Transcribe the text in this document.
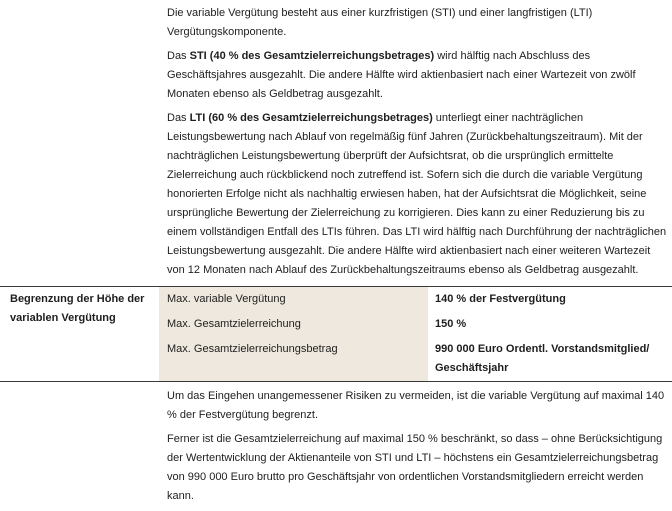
Die variable Vergütung besteht aus einer kurzfristigen (STI) und einer langfristigen (LTI) Vergütungskomponente.

Das STI (40 % des Gesamtzielerreichungsbetrages) wird hälftig nach Abschluss des Geschäftsjahres ausgezahlt. Die andere Hälfte wird aktienbasiert nach einer Wartezeit von zwölf Monaten ebenso als Geldbetrag ausgezahlt.

Das LTI (60 % des Gesamtzielerreichungsbetrages) unterliegt einer nachträglichen Leistungsbewertung nach Ablauf von regelmäßig fünf Jahren (Zurückbehaltungszeitraum). Mit der nachträglichen Leistungsbewertung überprüft der Aufsichtsrat, ob die ursprünglich ermittelte Zielerreichung auch rückblickend noch zutreffend ist. Sofern sich die durch die variable Vergütung honorierten Erfolge nicht als nachhaltig erwiesen haben, hat der Aufsichtsrat die Möglichkeit, seine ursprüngliche Bewertung der Zielerreichung zu korrigieren. Dies kann zu einer Reduzierung bis zu einem vollständigen Entfall des LTIs führen. Das LTI wird hälftig nach Durchführung der nachträglichen Leistungsbewertung ausgezahlt. Die andere Hälfte wird aktienbasiert nach einer weiteren Wartezeit von 12 Monaten nach Ablauf des Zurückbehaltungszeitraums ebenso als Geldbetrag ausgezahlt.

Begrenzung der Höhe der variablen Vergütung
Max. variable Vergütung	140 % der Festvergütung
Max. Gesamtzielerreichung	150 %
Max. Gesamtzielerreichungsbetrag	990 000 Euro Ordentl. Vorstandsmitglied/ Geschäftsjahr

Um das Eingehen unangemessener Risiken zu vermeiden, ist die variable Vergütung auf maximal 140 % der Festvergütung begrenzt.

Ferner ist die Gesamtzielerreichung auf maximal 150 % beschränkt, so dass – ohne Berücksichtigung der Wertentwicklung der Aktienanteile von STI und LTI – höchstens ein Gesamtzielerreichungsbetrag von 990 000 Euro brutto pro Geschäftsjahr von ordentlichen Vorstandsmitgliedern erreicht werden kann.
